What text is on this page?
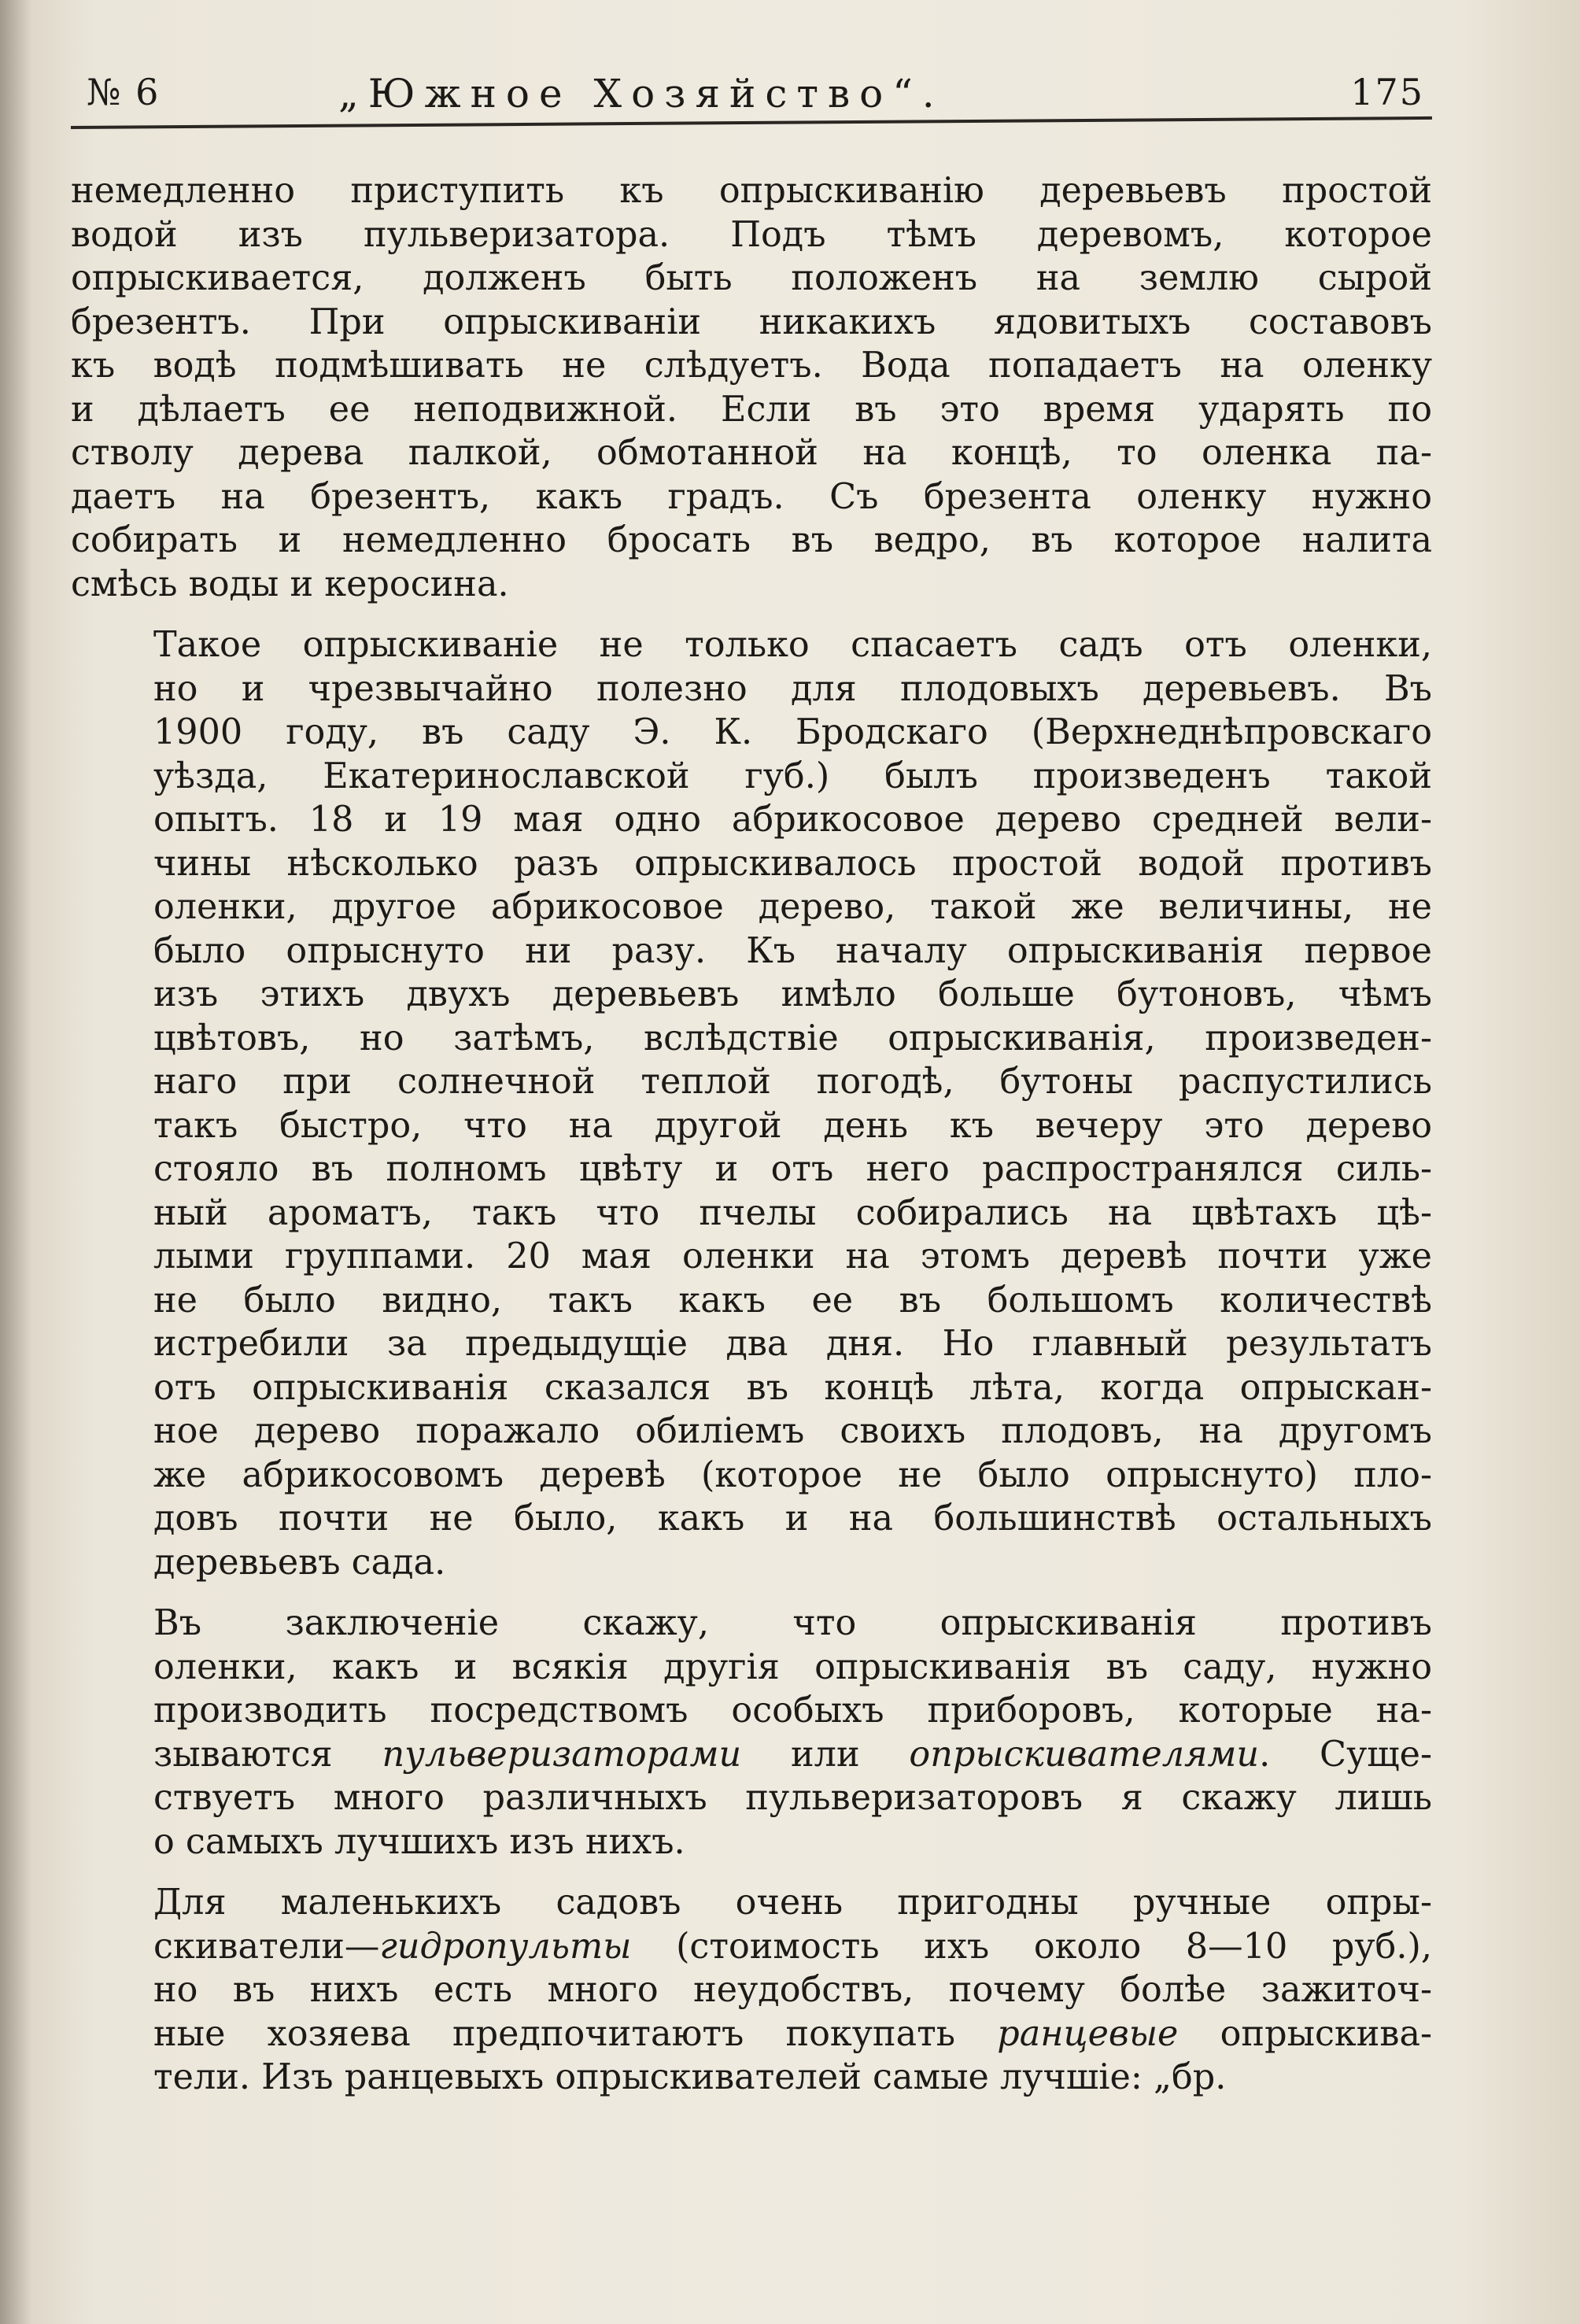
№ 6	„Южное Хозяйство“.	175

немедленно приступить къ опрыскиванію деревьевъ простой
водой изъ пульверизатора. Подъ тѣмъ деревомъ, которое
опрыскивается, долженъ быть положенъ на землю сырой
брезентъ. При опрыскиваніи никакихъ ядовитыхъ составовъ
къ водѣ подмѣшивать не слѣдуетъ. Вода попадаетъ на оленку
и дѣлаетъ ее неподвижной. Если въ это время ударять по
стволу дерева палкой, обмотанной на концѣ, то оленка па-
даетъ на брезентъ, какъ градъ. Съ брезента оленку нужно
собирать и немедленно бросать въ ведро, въ которое налита
смѣсь воды и керосина.

Такое опрыскиваніе не только спасаетъ садъ отъ оленки,
но и чрезвычайно полезно для плодовыхъ деревьевъ. Въ
1900 году, въ саду Э. К. Бродскаго (Верхнеднѣпровскаго
уѣзда, Екатеринославской губ.) былъ произведенъ такой
опытъ. 18 и 19 мая одно абрикосовое дерево средней вели-
чины нѣсколько разъ опрыскивалось простой водой противъ
оленки, другое абрикосовое дерево, такой же величины, не
было опрыснуто ни разу. Къ началу опрыскиванія первое
изъ этихъ двухъ деревьевъ имѣло больше бутоновъ, чѣмъ
цвѣтовъ, но затѣмъ, вслѣдствіе опрыскиванія, произведен-
наго при солнечной теплой погодѣ, бутоны распустились
такъ быстро, что на другой день къ вечеру это дерево
стояло въ полномъ цвѣту и отъ него распространялся силь-
ный ароматъ, такъ что пчелы собирались на цвѣтахъ цѣ-
лыми группами. 20 мая оленки на этомъ деревѣ почти уже
не было видно, такъ какъ ее въ большомъ количествѣ
истребили за предыдущіе два дня. Но главный результатъ
отъ опрыскиванія сказался въ концѣ лѣта, когда опрыскан-
ное дерево поражало обиліемъ своихъ плодовъ, на другомъ
же абрикосовомъ деревѣ (которое не было опрыснуто) пло-
довъ почти не было, какъ и на большинствѣ остальныхъ
деревьевъ сада.

Въ заключеніе скажу, что опрыскиванія противъ
оленки, какъ и всякія другія опрыскиванія въ саду, нужно
производить посредствомъ особыхъ приборовъ, которые на-
зываются пульверизаторами или опрыскивателями. Суще-
ствуетъ много различныхъ пульверизаторовъ я скажу лишь
о самыхъ лучшихъ изъ нихъ.

Для маленькихъ садовъ очень пригодны ручные опры-
скиватели—гидропульты (стоимость ихъ около 8—10 руб.),
но въ нихъ есть много неудобствъ, почему болѣе зажиточ-
ные хозяева предпочитаютъ покупать ранцевые опрыскива-
тели. Изъ ранцевыхъ опрыскивателей самые лучшіе: „бр.
